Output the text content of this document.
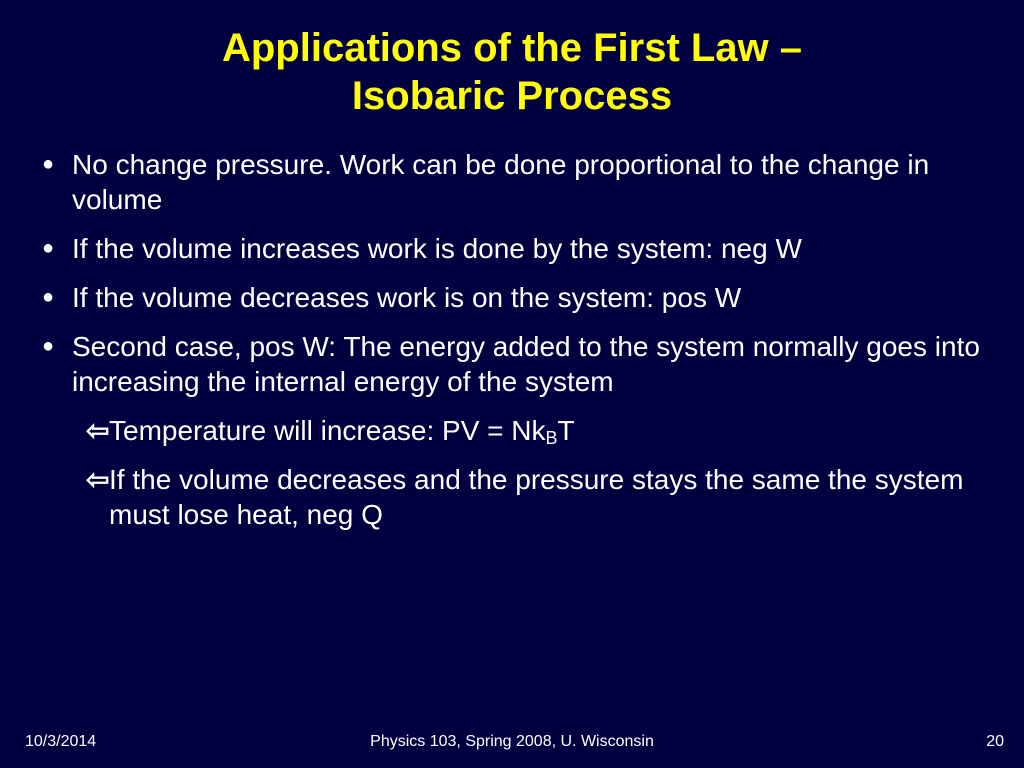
Applications of the First Law –
Isobaric Process
● No change pressure. Work can be done proportional to the change in volume
● If the volume increases work is done by the system: neg W
● If the volume decreases work is on the system: pos W
● Second case, pos W: The energy added to the system normally goes into increasing the internal energy of the system
⇦ Temperature will increase: PV = $Nk_BT$
⇦ If the volume decreases and the pressure stays the same the system must lose heat, neg Q
10/3/2014	Physics 103, Spring 2008, U. Wisconsin	20
